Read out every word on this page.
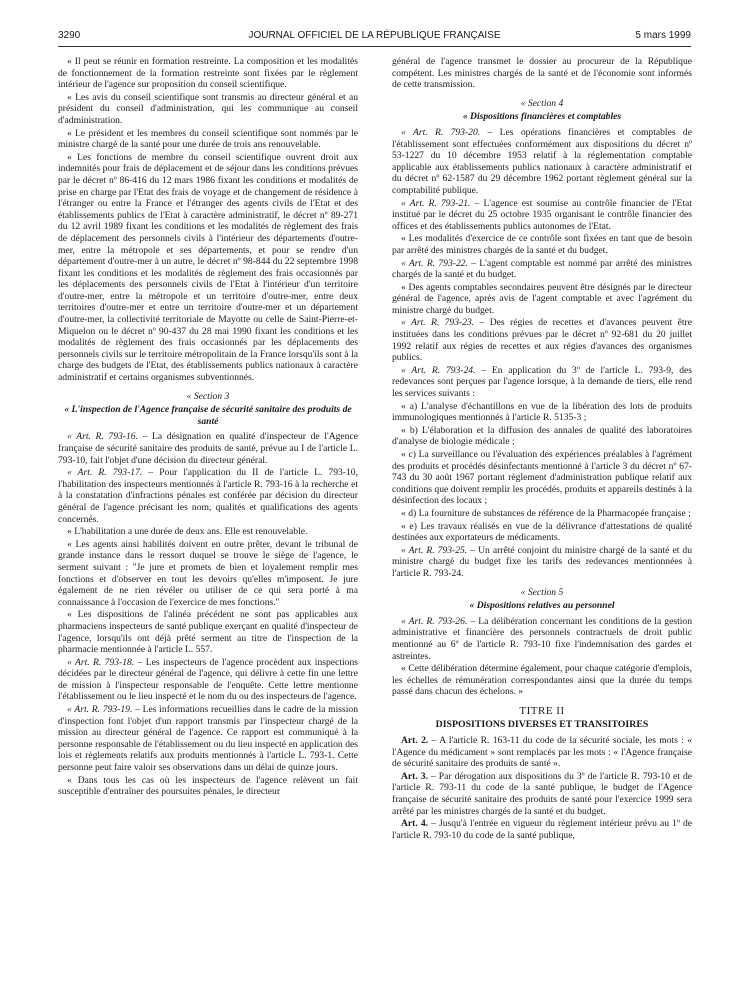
3290	JOURNAL OFFICIEL DE LA RÉPUBLIQUE FRANÇAISE	5 mars 1999

« Il peut se réunir en formation restreinte. La composition et les modalités de fonctionnement de la formation restreinte sont fixées par le règlement intérieur de l'agence sur proposition du conseil scientifique.

« Les avis du conseil scientifique sont transmis au directeur général et au président du conseil d'administration, qui les communique au conseil d'administration.

« Le président et les membres du conseil scientifique sont nommés par le ministre chargé de la santé pour une durée de trois ans renouvelable.

« Les fonctions de membre du conseil scientifique ouvrent droit aux indemnités pour frais de déplacement et de séjour dans les conditions prévues par le décret nº 86-416 du 12 mars 1986 fixant les conditions et modalités de prise en charge par l'Etat des frais de voyage et de changement de résidence à l'étranger ou entre la France et l'étranger des agents civils de l'Etat et des établissements publics de l'Etat à caractère administratif, le décret nº 89-271 du 12 avril 1989 fixant les conditions et les modalités de règlement des frais de déplacement des personnels civils à l'intérieur des départements d'outre-mer, entre la métropole et ses départements, et pour se rendre d'un département d'outre-mer à un autre, le décret nº 98-844 du 22 septembre 1998 fixant les conditions et les modalités de règlement des frais occasionnés par les déplacements des personnels civils de l'Etat à l'intérieur d'un territoire d'outre-mer, entre la métropole et un territoire d'outre-mer, entre deux territoires d'outre-mer et entre un territoire d'outre-mer et un département d'outre-mer, la collectivité territoriale de Mayotte ou celle de Saint-Pierre-et-Miquelon ou le décret nº 90-437 du 28 mai 1990 fixant les conditions et les modalités de règlement des frais occasionnés par les déplacements des personnels civils sur le territoire métropolitain de la France lorsqu'ils sont à la charge des budgets de l'Etat, des établissements publics nationaux à caractère administratif et certains organismes subventionnés.

« Section 3
« L'inspection de l'Agence française de sécurité sanitaire des produits de santé

« Art. R. 793-16. – La désignation en qualité d'inspecteur de l'Agence française de sécurité sanitaire des produits de santé, prévue au I de l'article L. 793-10, fait l'objet d'une décision du directeur général.

« Art. R. 793-17. – Pour l'application du II de l'article L. 793-10, l'habilitation des inspecteurs mentionnés à l'article R. 793-16 à la recherche et à la constatation d'infractions pénales est conférée par décision du directeur général de l'agence précisant les nom, qualités et qualifications des agents concernés.

« L'habilitation a une durée de deux ans. Elle est renouvelable.

« Les agents ainsi habilités doivent en outre prêter, devant le tribunal de grande instance dans le ressort duquel se trouve le siège de l'agence, le serment suivant : "Je jure et promets de bien et loyalement remplir mes fonctions et d'observer en tout les devoirs qu'elles m'imposent. Je jure également de ne rien révéler ou utiliser de ce qui sera porté à ma connaissance à l'occasion de l'exercice de mes fonctions."

« Les dispositions de l'alinéa précédent ne sont pas applicables aux pharmaciens inspecteurs de santé publique exerçant en qualité d'inspecteur de l'agence, lorsqu'ils ont déjà prêté serment au titre de l'inspection de la pharmacie mentionnée à l'article L. 557.

« Art. R. 793-18. – Les inspecteurs de l'agence procèdent aux inspections décidées par le directeur général de l'agence, qui délivre à cette fin une lettre de mission à l'inspecteur responsable de l'enquête. Cette lettre mentionne l'établissement ou le lieu inspecté et le nom du ou des inspecteurs de l'agence.

« Art. R. 793-19. – Les informations recueillies dans le cadre de la mission d'inspection font l'objet d'un rapport transmis par l'inspecteur chargé de la mission au directeur général de l'agence. Ce rapport est communiqué à la personne responsable de l'établissement ou du lieu inspecté en application des lois et règlements relatifs aux produits mentionnés à l'article L. 793-1. Cette personne peut faire valoir ses observations dans un délai de quinze jours.

« Dans tous les cas où les inspecteurs de l'agence relèvent un fait susceptible d'entraîner des poursuites pénales, le directeur

général de l'agence transmet le dossier au procureur de la République compétent. Les ministres chargés de la santé et de l'économie sont informés de cette transmission.

« Section 4
« Dispositions financières et comptables

« Art. R. 793-20. – Les opérations financières et comptables de l'établissement sont effectuées conformément aux dispositions du décret nº 53-1227 du 10 décembre 1953 relatif à la réglementation comptable applicable aux établissements publics nationaux à caractère administratif et du décret nº 62-1587 du 29 décembre 1962 portant règlement général sur la comptabilité publique.

« Art. R. 793-21. – L'agence est soumise au contrôle financier de l'Etat institué par le décret du 25 octobre 1935 organisant le contrôle financier des offices et des établissements publics autonomes de l'Etat.

« Les modalités d'exercice de ce contrôle sont fixées en tant que de besoin par arrêté des ministres chargés de la santé et du budget.

« Art. R. 793-22. – L'agent comptable est nommé par arrêté des ministres chargés de la santé et du budget.

« Des agents comptables secondaires peuvent être désignés par le directeur général de l'agence, après avis de l'agent comptable et avec l'agrément du ministre chargé du budget.

« Art. R. 793-23. – Des régies de recettes et d'avances peuvent être instituées dans les conditions prévues par le décret nº 92-681 du 20 juillet 1992 relatif aux régies de recettes et aux régies d'avances des organismes publics.

« Art. R. 793-24. – En application du 3º de l'article L. 793-9, des redevances sont perçues par l'agence lorsque, à la demande de tiers, elle rend les services suivants :

« a) L'analyse d'échantillons en vue de la libération des lots de produits immunologiques mentionnés à l'article R. 5135-3 ;

« b) L'élaboration et la diffusion des annales de qualité des laboratoires d'analyse de biologie médicale ;

« c) La surveillance ou l'évaluation des expériences préalables à l'agrément des produits et procédés désinfectants mentionné à l'article 3 du décret nº 67-743 du 30 août 1967 portant règlement d'administration publique relatif aux conditions que doivent remplir les procédés, produits et appareils destinés à la désinfection des locaux ;

« d) La fourniture de substances de référence de la Pharmacopée française ;

« e) Les travaux réalisés en vue de la délivrance d'attestations de qualité destinées aux exportateurs de médicaments.

« Art. R. 793-25. – Un arrêté conjoint du ministre chargé de la santé et du ministre chargé du budget fixe les tarifs des redevances mentionnées à l'article R. 793-24.

« Section 5
« Dispositions relatives au personnel

« Art. R. 793-26. – La délibération concernant les conditions de la gestion administrative et financière des personnels contractuels de droit public mentionné au 6º de l'article R. 793-10 fixe l'indemnisation des gardes et astreintes.

« Cette délibération détermine également, pour chaque catégorie d'emplois, les échelles de rémunération correspondantes ainsi que la durée du temps passé dans chacun des échelons. »

TITRE II
DISPOSITIONS DIVERSES ET TRANSITOIRES

Art. 2. – A l'article R. 163-11 du code de la sécurité sociale, les mots : « l'Agence du médicament » sont remplacés par les mots : « l'Agence française de sécurité sanitaire des produits de santé ».

Art. 3. – Par dérogation aux dispositions du 3º de l'article R. 793-10 et de l'article R. 793-11 du code de la santé publique, le budget de l'Agence française de sécurité sanitaire des produits de santé pour l'exercice 1999 sera arrêté par les ministres chargés de la santé et du budget.

Art. 4. – Jusqu'à l'entrée en vigueur du règlement intérieur prévu au 1º de l'article R. 793-10 du code de la santé publique,
